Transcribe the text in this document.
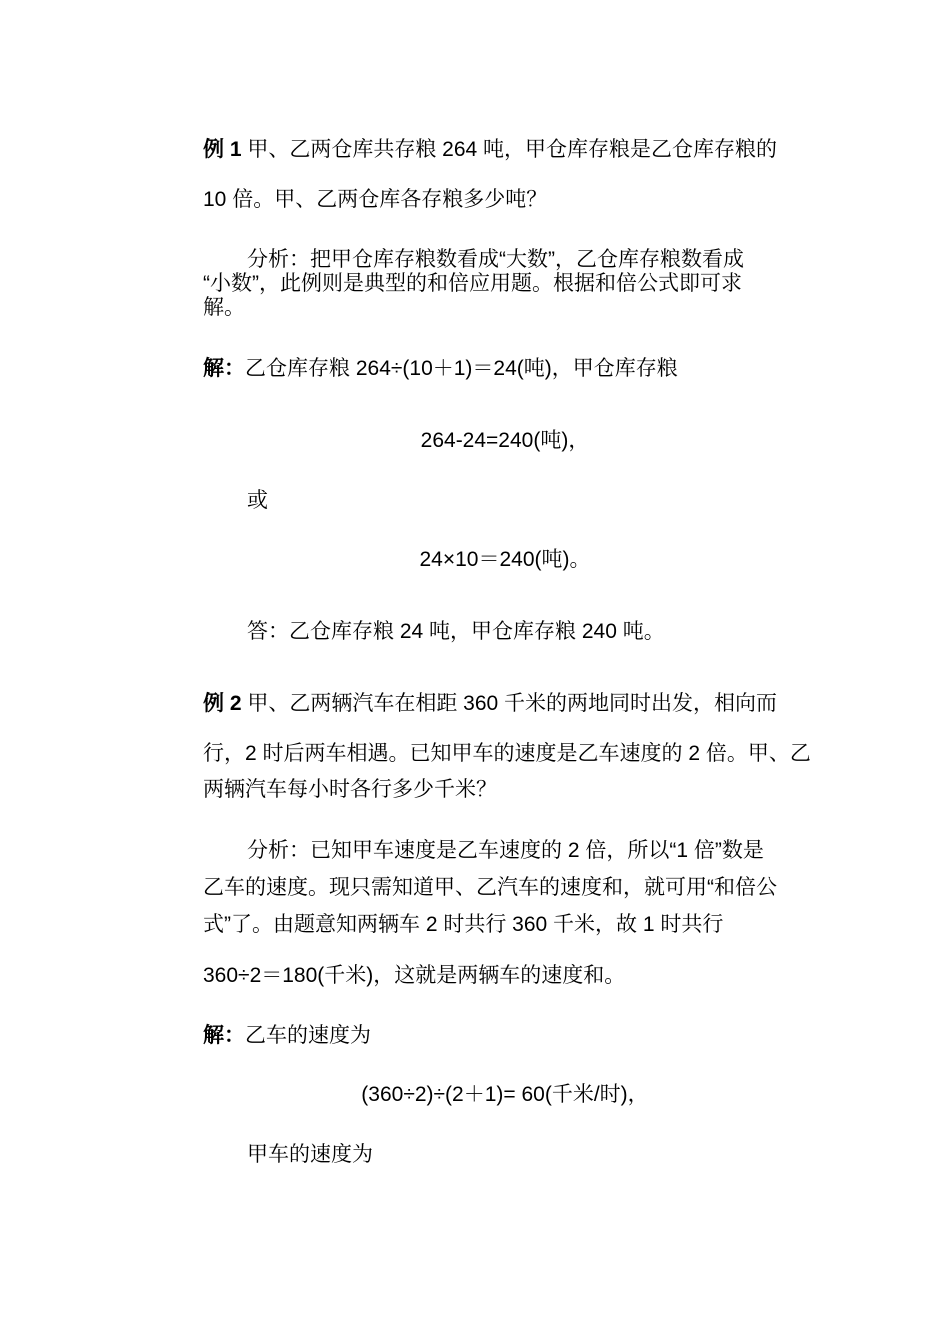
例 1 甲、乙两仓库共存粮 264 吨，甲仓库存粮是乙仓库存粮的
10 倍。甲、乙两仓库各存粮多少吨？
分析：把甲仓库存粮数看成“大数”，乙仓库存粮数看成
“小数”，此例则是典型的和倍应用题。根据和倍公式即可求
解。
解：乙仓库存粮 264÷(10＋1)＝24(吨)，甲仓库存粮
264-24=240(吨)，
或
24×10＝240(吨)。
答：乙仓库存粮 24 吨，甲仓库存粮 240 吨。
例 2 甲、乙两辆汽车在相距 360 千米的两地同时出发，相向而
行，2 时后两车相遇。已知甲车的速度是乙车速度的 2 倍。甲、乙
两辆汽车每小时各行多少千米？
分析：已知甲车速度是乙车速度的 2 倍，所以“1 倍”数是
乙车的速度。现只需知道甲、乙汽车的速度和，就可用“和倍公
式”了。由题意知两辆车 2 时共行 360 千米，故 1 时共行
360÷2＝180(千米)，这就是两辆车的速度和。
解：乙车的速度为
(360÷2)÷(2＋1)= 60(千米/时)，
甲车的速度为
